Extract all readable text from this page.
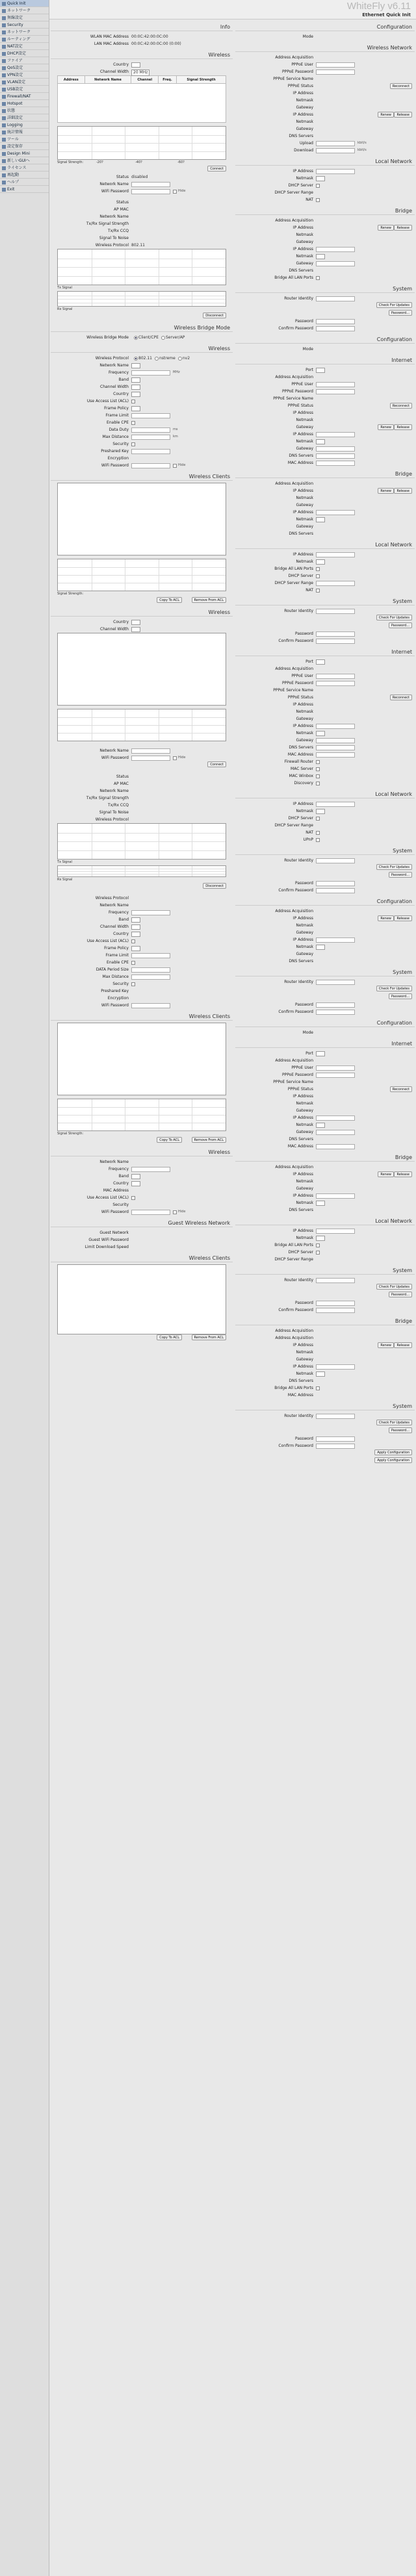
Quick Init
ネットワーク
無線設定
Security
ネットワーク
ルーティング
NAT設定
DHCP設定
ファイア
QoS設定
VPN設定
VLAN設定
USB設定
Firewall/NAT
Hotspot
状態
詳細設定
Logging
統計情報
ツール
設定保存
Design Mini
新しいGUIへ
ライセンス
再起動
ヘルプ
Exit
WhiteFly v6.11
Ethernet Quick Init
Info
WLAN MAC Address 00:0C:42:00:0C:00
LAN MAC Address 00:0C:42:00:0C:00 (0:00)
Wireless
Country
Channel Width	20 MHz
Address	Network Name	Channel	Freq.	Signal Strength
Signal Strength:	-20?	-40?	-60?
Connect
Status disabled
Network Name
WiFi Password	Hide
Status
AP MAC
Network Name
Tx/Rx Signal Strength
Tx/Rx CCQ
Signal To Noise
Wireless Protocol 802.11
Tx Signal
Rx Signal
Disconnect
Wireless Bridge Mode
Wireless Bridge Mode	Client/CPE Server/AP
Wireless
Wireless Protocol	802.11 nstreme nv2
Network Name
Frequency	MHz
Band
Channel Width
Country
Use Access List (ACL)
Frame Policy
Frame Limit
Enable CPE
Data Duty	ms
Max Distance	km
Security
Preshared Key
Encryption
WiFi Password	Hide
Wireless Clients
Signal Strength:
Copy To ACL	Remove From ACL
Wireless
Country
Channel Width
Network Name
WiFi Password	Hide
Connect
Status
AP MAC
Network Name
Tx/Rx Signal Strength
Tx/Rx CCQ
Signal To Noise
Wireless Protocol
Tx Signal
Rx Signal
Disconnect
Wireless Protocol
Network Name
Frequency
Band
Channel Width
Country
Use Access List (ACL)
Frame Policy
Frame Limit
Enable CPE
DATA Period Size
Max Distance
Security
Preshared Key
Encryption
WiFi Password
Wireless Clients
Signal Strength:
Copy To ACL	Remove From ACL
Wireless
Network Name
Frequency
Band
Country
MAC Address
Use Access List (ACL)
Security
WiFi Password	Hide
Guest Wireless Network
Guest Network
Guest WiFi Password
Limit Download Speed
Wireless Clients
Copy To ACL	Remove From ACL
Configuration
Mode
Wireless Network
Address Acquisition
PPPoE User
PPPoE Password
PPPoE Service Name
PPPoE Status	Reconnect
IP Address
Netmask
Gateway
IP Address	Renew	Release
Netmask
Gateway
DNS Servers
Upload	kbit/s
Download	kbit/s
Local Network
IP Address
Netmask
DHCP Server
DHCP Server Range
NAT
Bridge
Address Acquisition
IP Address	Renew	Release
Netmask
Gateway
IP Address
Netmask
Gateway
DNS Servers
Bridge All LAN Ports
System
Router Identity
Check For Updates
Password...
Password
Confirm Password
Configuration
Mode
Internet
Port
Address Acquisition
PPPoE User
PPPoE Password
PPPoE Service Name
PPPoE Status	Reconnect
IP Address
Netmask
Gateway	Renew	Release
IP Address
Netmask
Gateway
DNS Servers
MAC Address
Bridge
Address Acquisition
IP Address	Renew	Release
Netmask
Gateway
IP Address
Netmask
Gateway
DNS Servers
Local Network
IP Address
Netmask
Bridge All LAN Ports
DHCP Server
DHCP Server Range
NAT
System
Router Identity
Check For Updates
Password...
Password
Confirm Password
Internet
Port
Address Acquisition
PPPoE User
PPPoE Password
PPPoE Service Name
PPPoE Status	Reconnect
IP Address
Netmask
Gateway
IP Address
Netmask
Gateway
DNS Servers
MAC Address
Firewall Router
MAC Server
MAC Winbox
Discovery
Local Network
IP Address
Netmask
DHCP Server
DHCP Server Range
NAT
UPnP
System
Router Identity
Check For Updates
Password...
Password
Confirm Password
Configuration
Address Acquisition
IP Address	Renew	Release
Netmask
Gateway
IP Address
Netmask
Gateway
DNS Servers
System
Router Identity
Check For Updates
Password...
Password
Confirm Password
Configuration
Mode
Internet
Port
Address Acquisition
PPPoE User
PPPoE Password
PPPoE Service Name
PPPoE Status	Reconnect
IP Address
Netmask
Gateway
IP Address
Netmask
Gateway
DNS Servers
MAC Address
Bridge
Address Acquisition
IP Address	Renew	Release
Netmask
Gateway
IP Address
Netmask
DNS Servers
Local Network
IP Address
Netmask
Bridge All LAN Ports
DHCP Server
DHCP Server Range
System
Router Identity
Check For Updates
Password...
Password
Confirm Password
Bridge
Address Acquisition
Address Acquisition
IP Address	Renew	Release
Netmask
Gateway
IP Address
Netmask
DNS Servers
Bridge All LAN Ports
MAC Address
System
Router Identity
Check For Updates
Password...
Password
Confirm Password
Apply Configuration
Apply Configuration
